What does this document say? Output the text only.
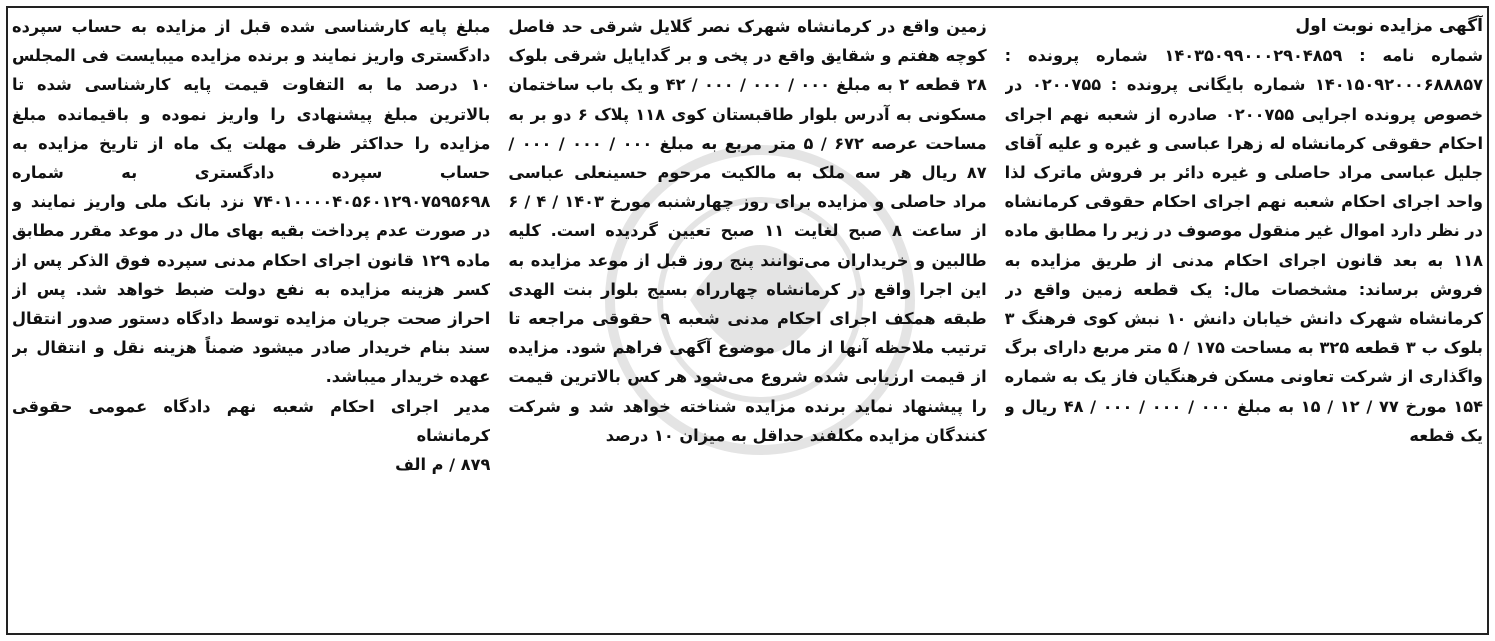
آگهی مزایده نوبت اول

شماره نامه : ۱۴۰۳۵۰۹۹۰۰۰۲۹۰۴۸۵۹ شماره پرونده : ۱۴۰۱۵۰۹۲۰۰۰۶۸۸۸۵۷ شماره بایگانی پرونده : ۰۲۰۰۷۵۵ در خصوص پرونده اجرایی ۰۲۰۰۷۵۵ صادره از شعبه نهم اجرای احکام حقوقی کرمانشاه له زهرا عباسی و غیره و علیه آقای جلیل عباسی مراد حاصلی و غیره دائر بر فروش ماترک لذا واحد اجرای احکام شعبه نهم اجرای احکام حقوقی کرمانشاه در نظر دارد اموال غیر منقول موصوف در زیر را مطابق ماده ۱۱۸ به بعد قانون اجرای احکام مدنی از طریق مزایده به فروش برساند: مشخصات مال: یک قطعه زمین واقع در کرمانشاه شهرک دانش خیابان دانش ۱۰ نبش کوی فرهنگ ۳ بلوک ب ۳ قطعه ۳۲۵ به مساحت ۱۷۵ / ۵ متر مربع دارای برگ واگذاری از شرکت تعاونی مسکن فرهنگیان فاز یک به شماره ۱۵۴ مورخ ۷۷ / ۱۲ / ۱۵ به مبلغ ۰۰۰ / ۰۰۰ / ۰۰۰ / ۴۸ ریال و یک قطعه

زمین واقع در کرمانشاه شهرک نصر گلایل شرقی حد فاصل کوچه هفتم و شقایق واقع در پخی و بر گدایایل شرقی بلوک ۲۸ قطعه ۲ به مبلغ ۰۰۰ / ۰۰۰ / ۰۰۰ / ۴۲ و یک باب ساختمان مسکونی به آدرس بلوار طاقبستان کوی ۱۱۸ پلاک ۶ دو بر به مساحت عرصه ۶۷۲ / ۵ متر مربع به مبلغ ۰۰۰ / ۰۰۰ / ۰۰۰ / ۸۷ ریال هر سه ملک به مالکیت مرحوم حسینعلی عباسی مراد حاصلی و مزایده برای روز چهارشنبه مورخ ۱۴۰۳ / ۴ / ۶ از ساعت ۸ صبح لغایت ۱۱ صبح تعیین گردیده است. کلیه طالبین و خریداران می‌توانند پنج روز قبل از موعد مزایده به این اجرا واقع در کرمانشاه چهارراه بسیج بلوار بنت الهدی طبقه همکف اجرای احکام مدنی شعبه ۹ حقوقی مراجعه تا ترتیب ملاحظه آنها از مال موضوع آگهی فراهم شود. مزایده از قیمت ارزیابی شده شروع می‌شود هر کس بالاترین قیمت را پیشنهاد نماید برنده مزایده شناخته خواهد شد و شرکت کنندگان مزایده مکلفند حداقل به میزان ۱۰ درصد

مبلغ پایه کارشناسی شده قبل از مزایده به حساب سپرده دادگستری واریز نمایند و برنده مزایده میبایست فی المجلس ۱۰ درصد ما به التفاوت قیمت پایه کارشناسی شده تا بالاترین مبلغ پیشنهادی را واریز نموده و باقیمانده مبلغ مزایده را حداکثر ظرف مهلت یک ماه از تاریخ مزایده به حساب سپرده دادگستری به شماره ۷۴۰۱۰۰۰۰۴۰۵۶۰۱۲۹۰۷۵۹۵۶۹۸ نزد بانک ملی واریز نمایند و در صورت عدم پرداخت بقیه بهای مال در موعد مقرر مطابق ماده ۱۲۹ قانون اجرای احکام مدنی سپرده فوق الذکر پس از کسر هزینه مزایده به نفع دولت ضبط خواهد شد. پس از احراز صحت جریان مزایده توسط دادگاه دستور صدور انتقال سند بنام خریدار صادر میشود ضمناً هزینه نقل و انتقال بر عهده خریدار میباشد.

مدیر اجرای احکام شعبه نهم دادگاه عمومی حقوقی کرمانشاه

۸۷۹ / م الف
